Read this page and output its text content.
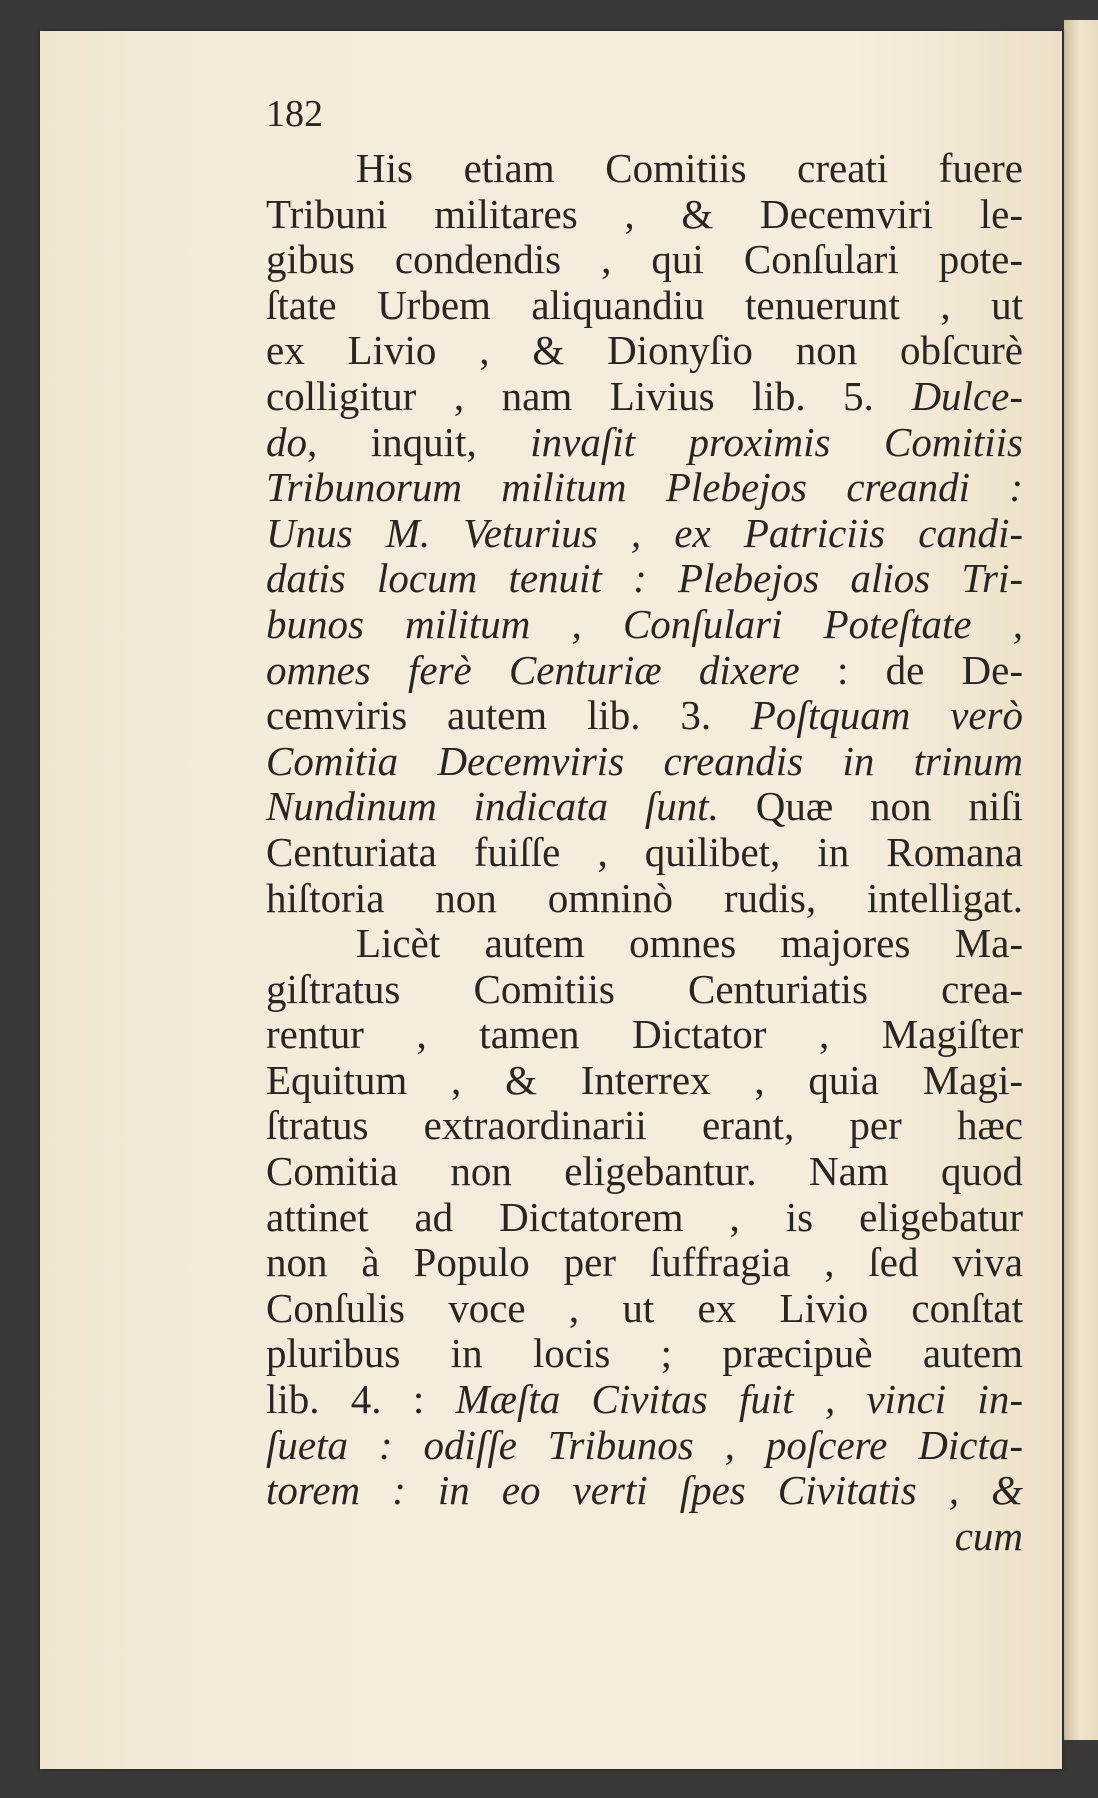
182
His etiam Comitiis creati fuere
Tribuni militares , & Decemviri le-
gibus condendis , qui Conſulari pote-
ſtate Urbem aliquandiu tenuerunt , ut
ex Livio , & Dionyſio non obſcurè
colligitur , nam Livius lib. 5. Dulce-
do, inquit, invaſit proximis Comitiis
Tribunorum militum Plebejos creandi :
Unus M. Veturius , ex Patriciis candi-
datis locum tenuit : Plebejos alios Tri-
bunos militum , Conſulari Poteſtate ,
omnes ferè Centuriæ dixere : de De-
cemviris autem lib. 3. Poſtquam verò
Comitia Decemviris creandis in trinum
Nundinum indicata ſunt. Quæ non niſi
Centuriata fuiſſe , quilibet, in Romana
hiſtoria non omninò rudis, intelligat.
Licèt autem omnes majores Ma-
giſtratus Comitiis Centuriatis crea-
rentur , tamen Dictator , Magiſter
Equitum , & Interrex , quia Magi-
ſtratus extraordinarii erant, per hæc
Comitia non eligebantur. Nam quod
attinet ad Dictatorem , is eligebatur
non à Populo per ſuffragia , ſed viva
Conſulis voce , ut ex Livio conſtat
pluribus in locis ; præcipuè autem
lib. 4. : Mæſta Civitas fuit , vinci in-
ſueta : odiſſe Tribunos , poſcere Dicta-
torem : in eo verti ſpes Civitatis , &
cum
